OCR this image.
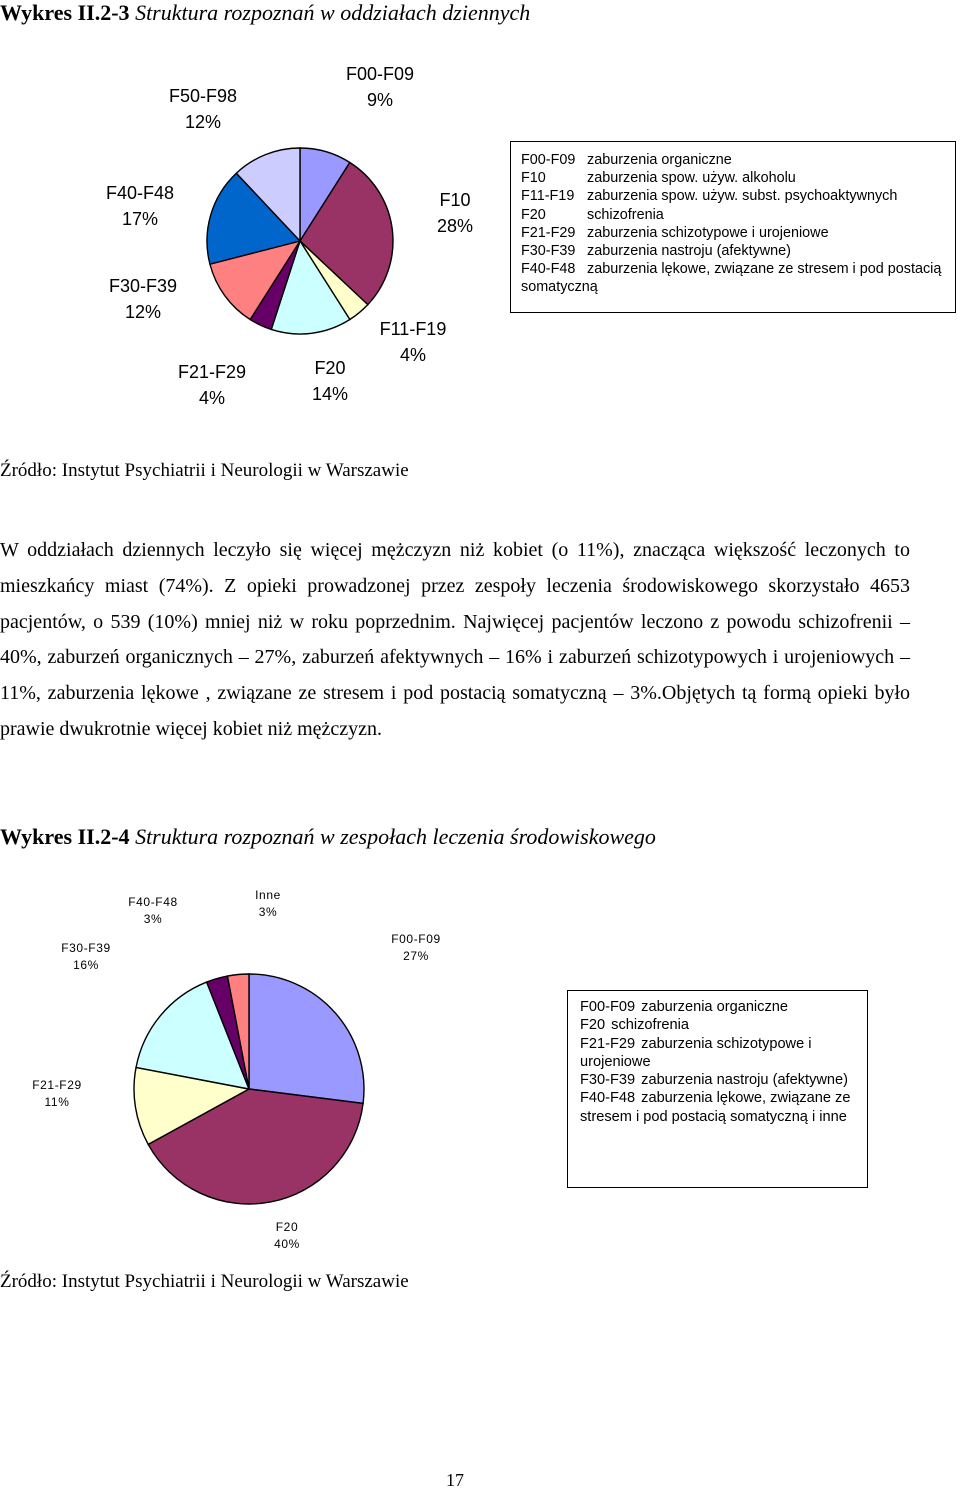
Wykres II.2-3 Struktura rozpoznań w oddziałach dziennych
F00-F09
9%
F10
28%
F11-F19
4%
F20
14%
F21-F29
4%
F30-F39
12%
F40-F48
17%
F50-F98
12%
F00-F09 zaburzenia organiczne
F10	zaburzenia spow. używ. alkoholu
F11-F19 zaburzenia spow. używ. subst. psychoaktywnych
F20	schizofrenia
F21-F29 zaburzenia schizotypowe i urojeniowe
F30-F39 zaburzenia nastroju (afektywne)
F40-F48 zaburzenia lękowe, związane ze stresem i pod postacią somatyczną
Źródło: Instytut Psychiatrii i Neurologii w Warszawie
W oddziałach dziennych leczyło się więcej mężczyzn niż kobiet (o 11%), znacząca większość leczonych to mieszkańcy miast (74%). Z opieki prowadzonej przez zespoły leczenia środowiskowego skorzystało 4653 pacjentów, o 539 (10%) mniej niż w roku poprzednim. Najwięcej pacjentów leczono z powodu schizofrenii – 40%, zaburzeń organicznych – 27%, zaburzeń afektywnych – 16% i zaburzeń schizotypowych i urojeniowych – 11%, zaburzenia lękowe , związane ze stresem i pod postacią somatyczną – 3%.Objętych tą formą opieki było prawie dwukrotnie więcej kobiet niż mężczyzn.
Wykres II.2-4 Struktura rozpoznań w zespołach leczenia środowiskowego
F00-F09
27%
F20
40%
F21-F29
11%
F30-F39
16%
F40-F48
3%
Inne
3%
F00-F09 zaburzenia organiczne
F20 schizofrenia
F21-F29 zaburzenia schizotypowe i urojeniowe
F30-F39 zaburzenia nastroju (afektywne)
F40-F48 zaburzenia lękowe, związane ze stresem i pod postacią somatyczną i inne
Źródło: Instytut Psychiatrii i Neurologii w Warszawie
17
